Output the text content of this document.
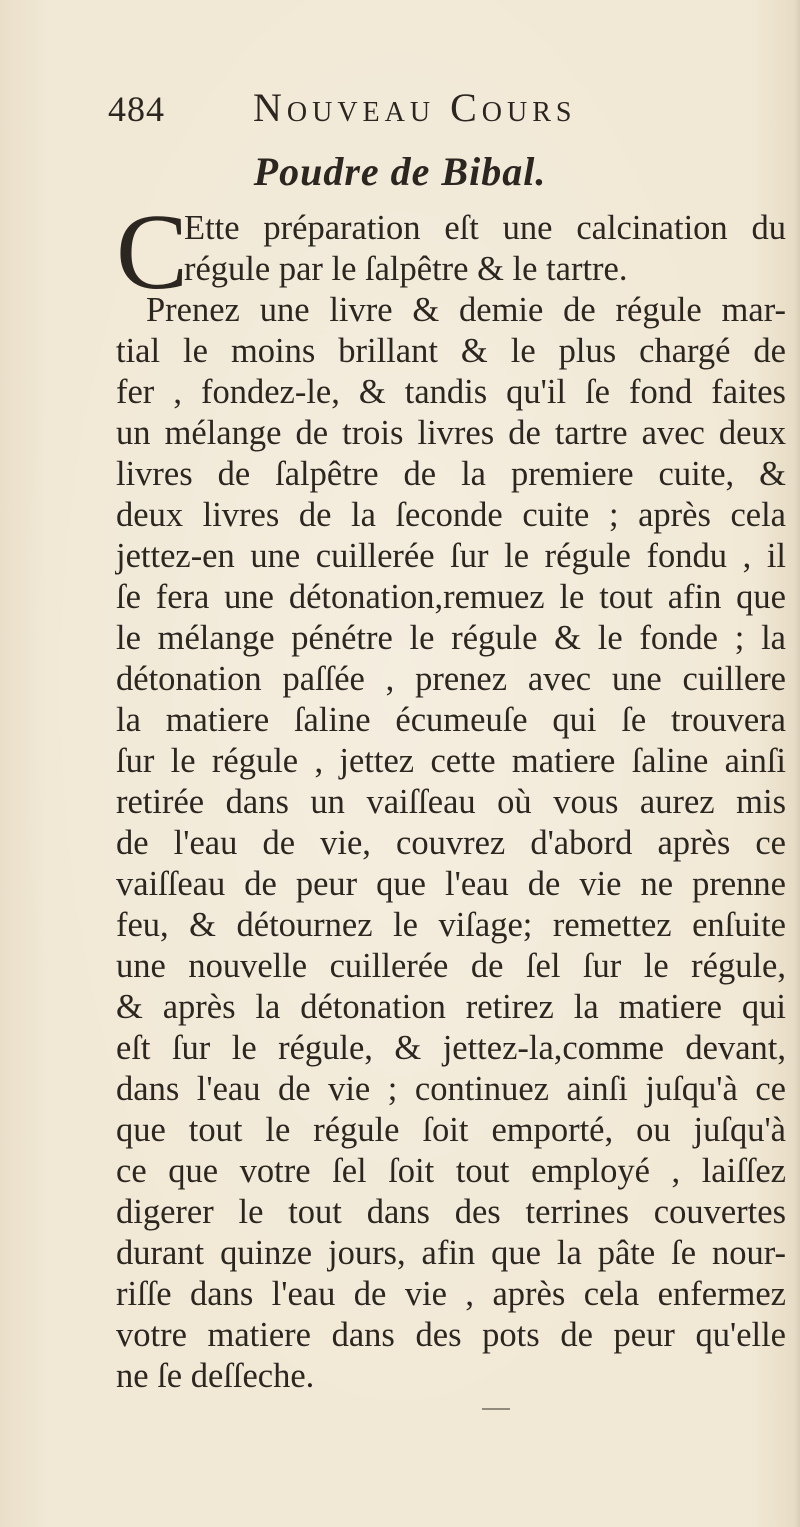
484 Nouveau Cours
Poudre de Bibal.
C
Ette préparation eſt une calcination du
régule par le ſalpêtre & le tartre.
Prenez une livre & demie de régule mar-
tial le moins brillant & le plus chargé de
fer , fondez-le, & tandis qu'il ſe fond faites
un mélange de trois livres de tartre avec deux
livres de ſalpêtre de la premiere cuite, &
deux livres de la ſeconde cuite ; après cela
jettez-en une cuillerée ſur le régule fondu , il
ſe fera une détonation,remuez le tout afin que
le mélange pénétre le régule & le fonde ; la
détonation paſſée , prenez avec une cuillere
la matiere ſaline écumeuſe qui ſe trouvera
ſur le régule , jettez cette matiere ſaline ainſi
retirée dans un vaiſſeau où vous aurez mis
de l'eau de vie, couvrez d'abord après ce
vaiſſeau de peur que l'eau de vie ne prenne
feu, & détournez le viſage; remettez enſuite
une nouvelle cuillerée de ſel ſur le régule,
& après la détonation retirez la matiere qui
eſt ſur le régule, & jettez-la,comme devant,
dans l'eau de vie ; continuez ainſi juſqu'à ce
que tout le régule ſoit emporté, ou juſqu'à
ce que votre ſel ſoit tout employé , laiſſez
digerer le tout dans des terrines couvertes
durant quinze jours, afin que la pâte ſe nour-
riſſe dans l'eau de vie , après cela enfermez
votre matiere dans des pots de peur qu'elle
ne ſe deſſeche.
